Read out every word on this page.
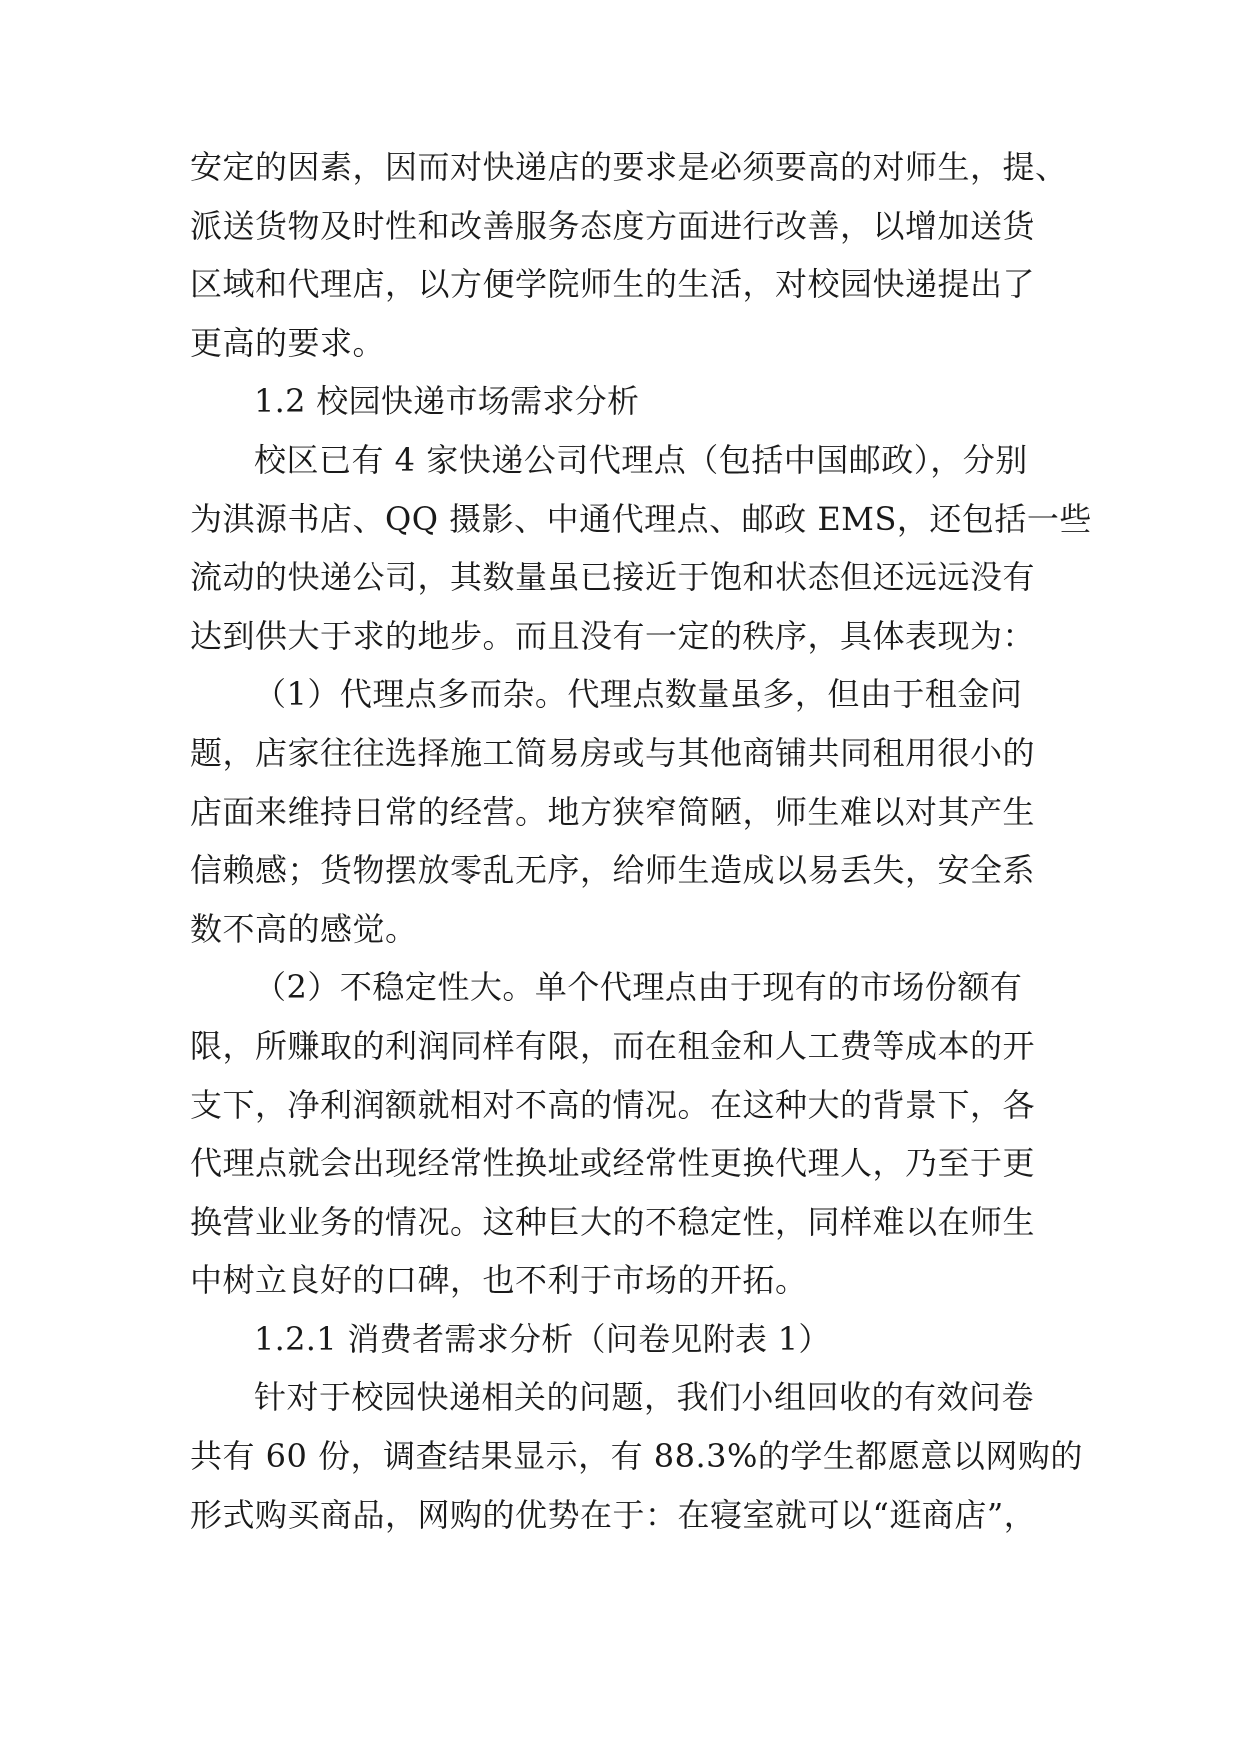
安定的因素，因而对快递店的要求是必须要高的对师生，提、
派送货物及时性和改善服务态度方面进行改善，以增加送货
区域和代理店，以方便学院师生的生活，对校园快递提出了
更高的要求。
1.2 校园快递市场需求分析
校区已有 4 家快递公司代理点（包括中国邮政），分别
为淇源书店、QQ 摄影、中通代理点、邮政 EMS，还包括一些
流动的快递公司，其数量虽已接近于饱和状态但还远远没有
达到供大于求的地步。而且没有一定的秩序，具体表现为：
（1）代理点多而杂。代理点数量虽多，但由于租金问
题，店家往往选择施工简易房或与其他商铺共同租用很小的
店面来维持日常的经营。地方狭窄简陋，师生难以对其产生
信赖感；货物摆放零乱无序，给师生造成以易丢失，安全系
数不高的感觉。
（2）不稳定性大。单个代理点由于现有的市场份额有
限，所赚取的利润同样有限，而在租金和人工费等成本的开
支下，净利润额就相对不高的情况。在这种大的背景下，各
代理点就会出现经常性换址或经常性更换代理人，乃至于更
换营业业务的情况。这种巨大的不稳定性，同样难以在师生
中树立良好的口碑，也不利于市场的开拓。
1.2.1 消费者需求分析（问卷见附表 1）
针对于校园快递相关的问题，我们小组回收的有效问卷
共有 60 份，调查结果显示，有 88.3%的学生都愿意以网购的
形式购买商品，网购的优势在于：在寝室就可以“逛商店”，
